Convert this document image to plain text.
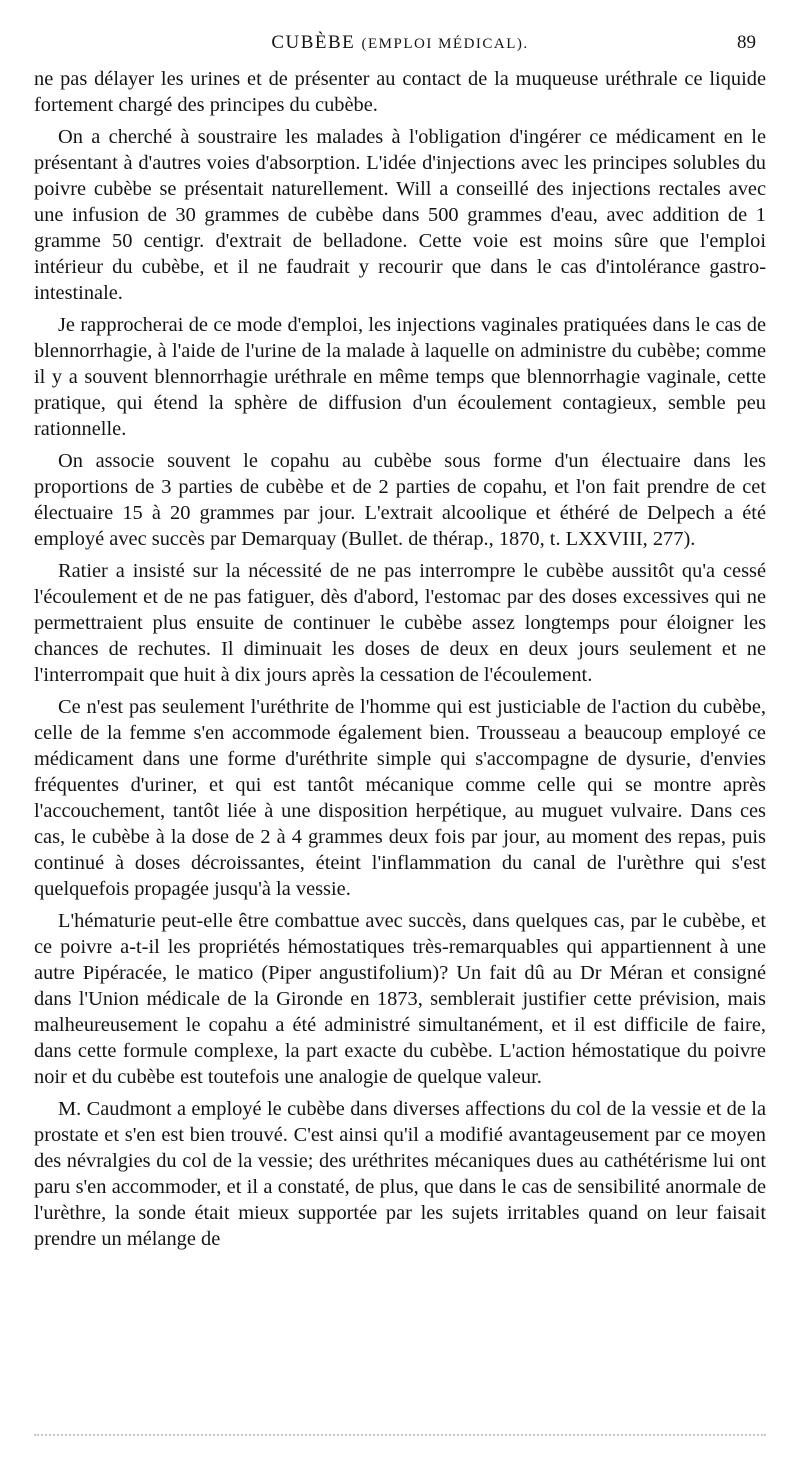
CUBÈBE (EMPLOI MÉDICAL).	89

ne pas délayer les urines et de présenter au contact de la muqueuse uréthrale ce liquide fortement chargé des principes du cubèbe.

On a cherché à soustraire les malades à l'obligation d'ingérer ce médicament en le présentant à d'autres voies d'absorption. L'idée d'injections avec les principes solubles du poivre cubèbe se présentait naturellement. Will a conseillé des injections rectales avec une infusion de 30 grammes de cubèbe dans 500 grammes d'eau, avec addition de 1 gramme 50 centigr. d'extrait de belladone. Cette voie est moins sûre que l'emploi intérieur du cubèbe, et il ne faudrait y recourir que dans le cas d'intolérance gastro-intestinale.

Je rapprocherai de ce mode d'emploi, les injections vaginales pratiquées dans le cas de blennorrhagie, à l'aide de l'urine de la malade à laquelle on administre du cubèbe; comme il y a souvent blennorrhagie uréthrale en même temps que blennorrhagie vaginale, cette pratique, qui étend la sphère de diffusion d'un écoulement contagieux, semble peu rationnelle.

On associe souvent le copahu au cubèbe sous forme d'un électuaire dans les proportions de 3 parties de cubèbe et de 2 parties de copahu, et l'on fait prendre de cet électuaire 15 à 20 grammes par jour. L'extrait alcoolique et éthéré de Delpech a été employé avec succès par Demarquay (Bullet. de thérap., 1870, t. LXXVIII, 277).

Ratier a insisté sur la nécessité de ne pas interrompre le cubèbe aussitôt qu'a cessé l'écoulement et de ne pas fatiguer, dès d'abord, l'estomac par des doses excessives qui ne permettraient plus ensuite de continuer le cubèbe assez longtemps pour éloigner les chances de rechutes. Il diminuait les doses de deux en deux jours seulement et ne l'interrompait que huit à dix jours après la cessation de l'écoulement.

Ce n'est pas seulement l'uréthrite de l'homme qui est justiciable de l'action du cubèbe, celle de la femme s'en accommode également bien. Trousseau a beaucoup employé ce médicament dans une forme d'uréthrite simple qui s'accompagne de dysurie, d'envies fréquentes d'uriner, et qui est tantôt mécanique comme celle qui se montre après l'accouchement, tantôt liée à une disposition herpétique, au muguet vulvaire. Dans ces cas, le cubèbe à la dose de 2 à 4 grammes deux fois par jour, au moment des repas, puis continué à doses décroissantes, éteint l'inflammation du canal de l'urèthre qui s'est quelquefois propagée jusqu'à la vessie.

L'hématurie peut-elle être combattue avec succès, dans quelques cas, par le cubèbe, et ce poivre a-t-il les propriétés hémostatiques très-remarquables qui appartiennent à une autre Pipéracée, le matico (Piper angustifolium)? Un fait dû au Dr Méran et consigné dans l'Union médicale de la Gironde en 1873, semblerait justifier cette prévision, mais malheureusement le copahu a été administré simultanément, et il est difficile de faire, dans cette formule complexe, la part exacte du cubèbe. L'action hémostatique du poivre noir et du cubèbe est toutefois une analogie de quelque valeur.

M. Caudmont a employé le cubèbe dans diverses affections du col de la vessie et de la prostate et s'en est bien trouvé. C'est ainsi qu'il a modifié avantageusement par ce moyen des névralgies du col de la vessie; des uréthrites mécaniques dues au cathétérisme lui ont paru s'en accommoder, et il a constaté, de plus, que dans le cas de sensibilité anormale de l'urèthre, la sonde était mieux supportée par les sujets irritables quand on leur faisait prendre un mélange de
